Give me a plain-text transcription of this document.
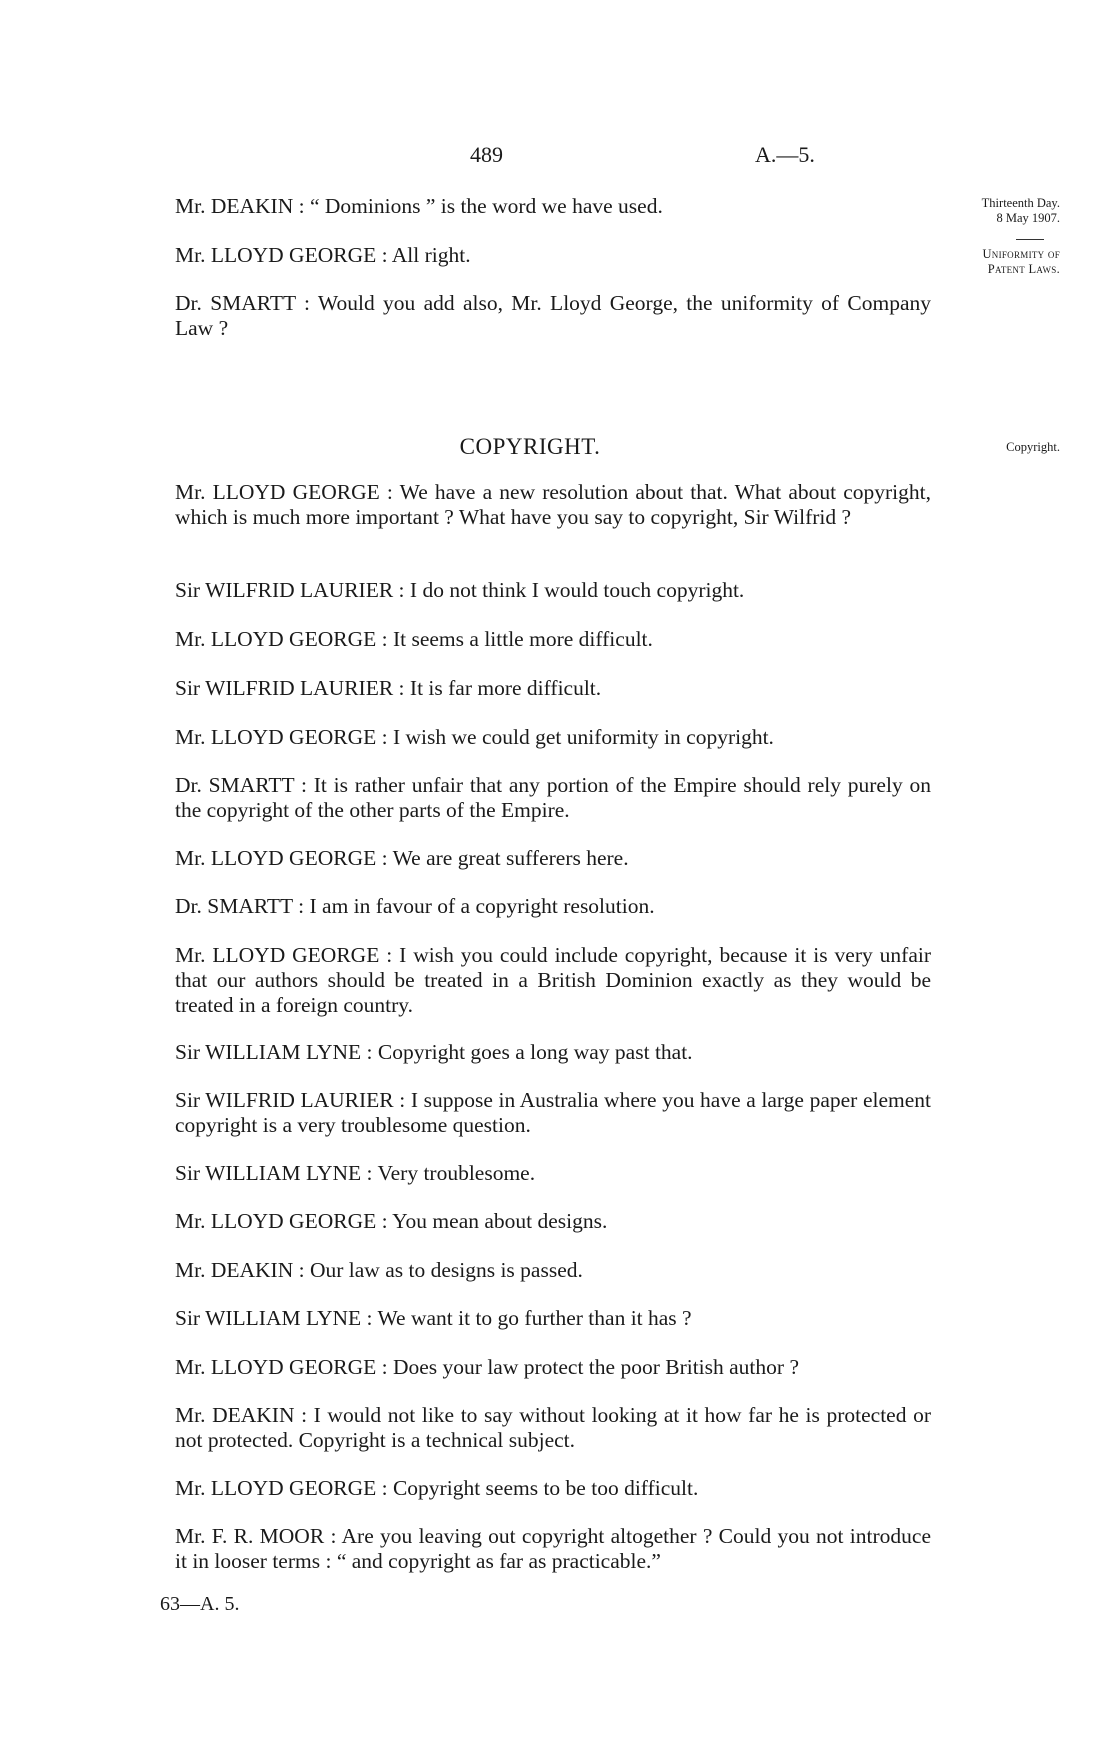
489	A.—5.
Thirteenth Day.
8 May 1907.
Uniformity of
Patent Laws.
Copyright.
Mr. DEAKIN : “ Dominions ” is the word we have used.
Mr. LLOYD GEORGE : All right.
Dr. SMARTT : Would you add also, Mr. Lloyd George, the uniformity of Company Law ?
COPYRIGHT.
Mr. LLOYD GEORGE : We have a new resolution about that. What about copyright, which is much more important ? What have you say to copyright, Sir Wilfrid ?
Sir WILFRID LAURIER : I do not think I would touch copyright.
Mr. LLOYD GEORGE : It seems a little more difficult.
Sir WILFRID LAURIER : It is far more difficult.
Mr. LLOYD GEORGE : I wish we could get uniformity in copyright.
Dr. SMARTT : It is rather unfair that any portion of the Empire should rely purely on the copyright of the other parts of the Empire.
Mr. LLOYD GEORGE : We are great sufferers here.
Dr. SMARTT : I am in favour of a copyright resolution.
Mr. LLOYD GEORGE : I wish you could include copyright, because it is very unfair that our authors should be treated in a British Dominion exactly as they would be treated in a foreign country.
Sir WILLIAM LYNE : Copyright goes a long way past that.
Sir WILFRID LAURIER : I suppose in Australia where you have a large paper element copyright is a very troublesome question.
Sir WILLIAM LYNE : Very troublesome.
Mr. LLOYD GEORGE : You mean about designs.
Mr. DEAKIN : Our law as to designs is passed.
Sir WILLIAM LYNE : We want it to go further than it has ?
Mr. LLOYD GEORGE : Does your law protect the poor British author ?
Mr. DEAKIN : I would not like to say without looking at it how far he is protected or not protected. Copyright is a technical subject.
Mr. LLOYD GEORGE : Copyright seems to be too difficult.
Mr. F. R. MOOR : Are you leaving out copyright altogether ? Could you not introduce it in looser terms : “ and copyright as far as practicable.”
63—A. 5.
